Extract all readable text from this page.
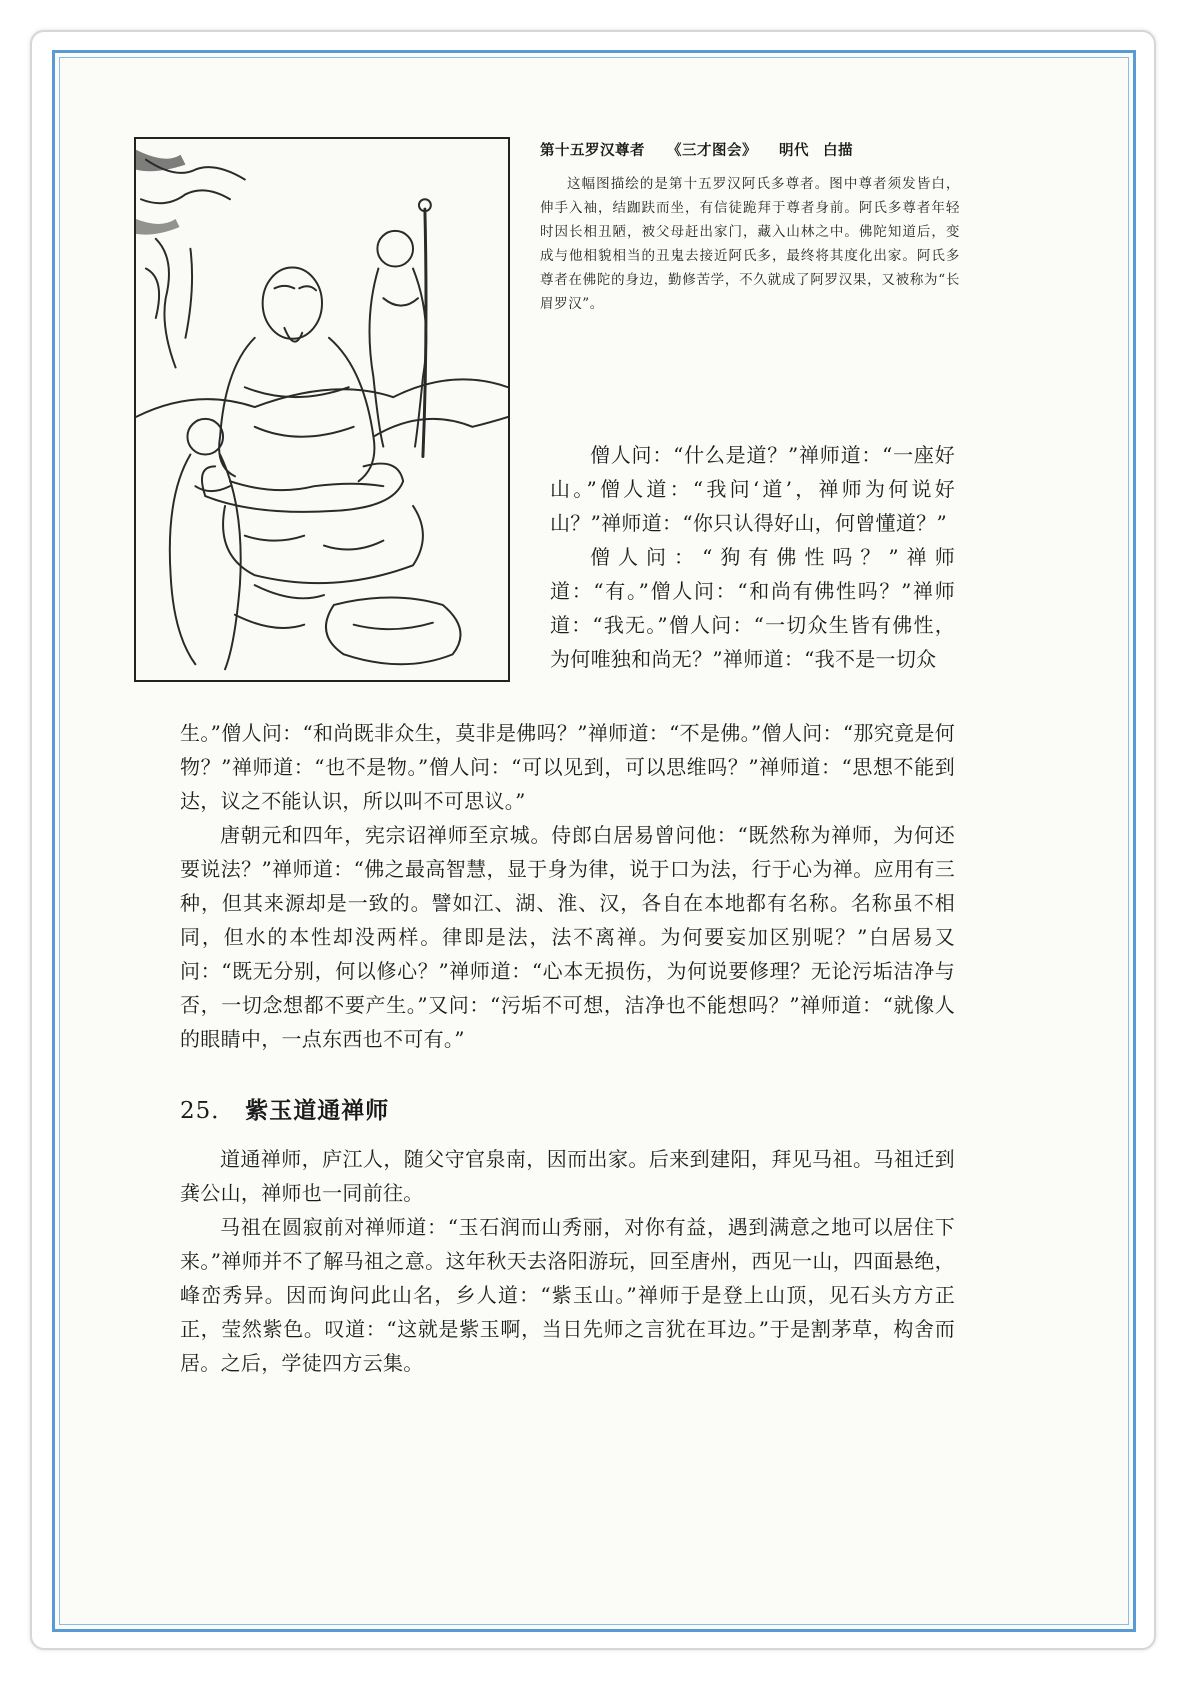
第十五罗汉尊者 《三才图会》 明代 白描
这幅图描绘的是第十五罗汉阿氏多尊者。图中尊者须发皆白，伸手入袖，结跏趺而坐，有信徒跪拜于尊者身前。阿氏多尊者年轻时因长相丑陋，被父母赶出家门，藏入山林之中。佛陀知道后，变成与他相貌相当的丑鬼去接近阿氏多，最终将其度化出家。阿氏多尊者在佛陀的身边，勤修苦学，不久就成了阿罗汉果，又被称为“长眉罗汉”。

僧人问：“什么是道？”禅师道：“一座好山。”僧人道：“我问‘道’，禅师为何说好山？”禅师道：“你只认得好山，何曾懂道？”

僧人问：“狗有佛性吗？”禅师道：“有。”僧人问：“和尚有佛性吗？”禅师道：“我无。”僧人问：“一切众生皆有佛性，为何唯独和尚无？”禅师道：“我不是一切众

生。”僧人问：“和尚既非众生，莫非是佛吗？”禅师道：“不是佛。”僧人问：“那究竟是何物？”禅师道：“也不是物。”僧人问：“可以见到，可以思维吗？”禅师道：“思想不能到达，议之不能认识，所以叫不可思议。”

唐朝元和四年，宪宗诏禅师至京城。侍郎白居易曾问他：“既然称为禅师，为何还要说法？”禅师道：“佛之最高智慧，显于身为律，说于口为法，行于心为禅。应用有三种，但其来源却是一致的。譬如江、湖、淮、汉，各自在本地都有名称。名称虽不相同，但水的本性却没两样。律即是法，法不离禅。为何要妄加区别呢？”白居易又问：“既无分别，何以修心？”禅师道：“心本无损伤，为何说要修理？无论污垢洁净与否，一切念想都不要产生。”又问：“污垢不可想，洁净也不能想吗？”禅师道：“就像人的眼睛中，一点东西也不可有。”

25． 紫玉道通禅师

道通禅师，庐江人，随父守官泉南，因而出家。后来到建阳，拜见马祖。马祖迁到龚公山，禅师也一同前往。

马祖在圆寂前对禅师道：“玉石润而山秀丽，对你有益，遇到满意之地可以居住下来。”禅师并不了解马祖之意。这年秋天去洛阳游玩，回至唐州，西见一山，四面悬绝，峰峦秀异。因而询问此山名，乡人道：“紫玉山。”禅师于是登上山顶，见石头方方正正，莹然紫色。叹道：“这就是紫玉啊，当日先师之言犹在耳边。”于是割茅草，构舍而居。之后，学徒四方云集。
